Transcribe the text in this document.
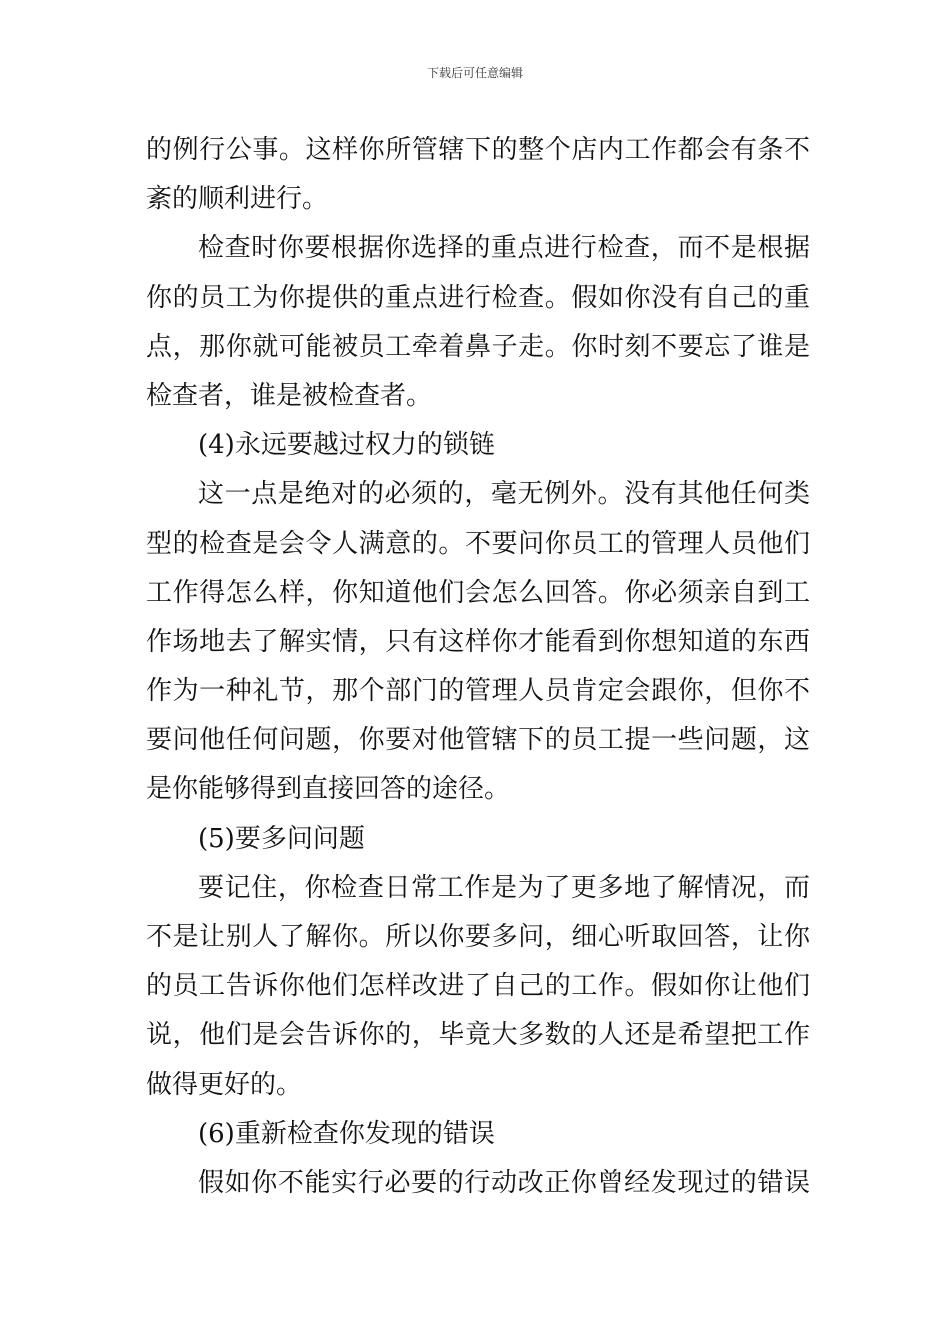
下载后可任意编辑
的例行公事。这样你所管辖下的整个店内工作都会有条不
紊的顺利进行。
检查时你要根据你选择的重点进行检查，而不是根据
你的员工为你提供的重点进行检查。假如你没有自己的重
点，那你就可能被员工牵着鼻子走。你时刻不要忘了谁是
检查者，谁是被检查者。
(4)永远要越过权力的锁链
这一点是绝对的必须的，毫无例外。没有其他任何类
型的检查是会令人满意的。不要问你员工的管理人员他们
工作得怎么样，你知道他们会怎么回答。你必须亲自到工
作场地去了解实情，只有这样你才能看到你想知道的东西
作为一种礼节，那个部门的管理人员肯定会跟你，但你不
要问他任何问题，你要对他管辖下的员工提一些问题，这
是你能够得到直接回答的途径。
(5)要多问问题
要记住，你检查日常工作是为了更多地了解情况，而
不是让别人了解你。所以你要多问，细心听取回答，让你
的员工告诉你他们怎样改进了自己的工作。假如你让他们
说，他们是会告诉你的，毕竟大多数的人还是希望把工作
做得更好的。
(6)重新检查你发现的错误
假如你不能实行必要的行动改正你曾经发现过的错误
